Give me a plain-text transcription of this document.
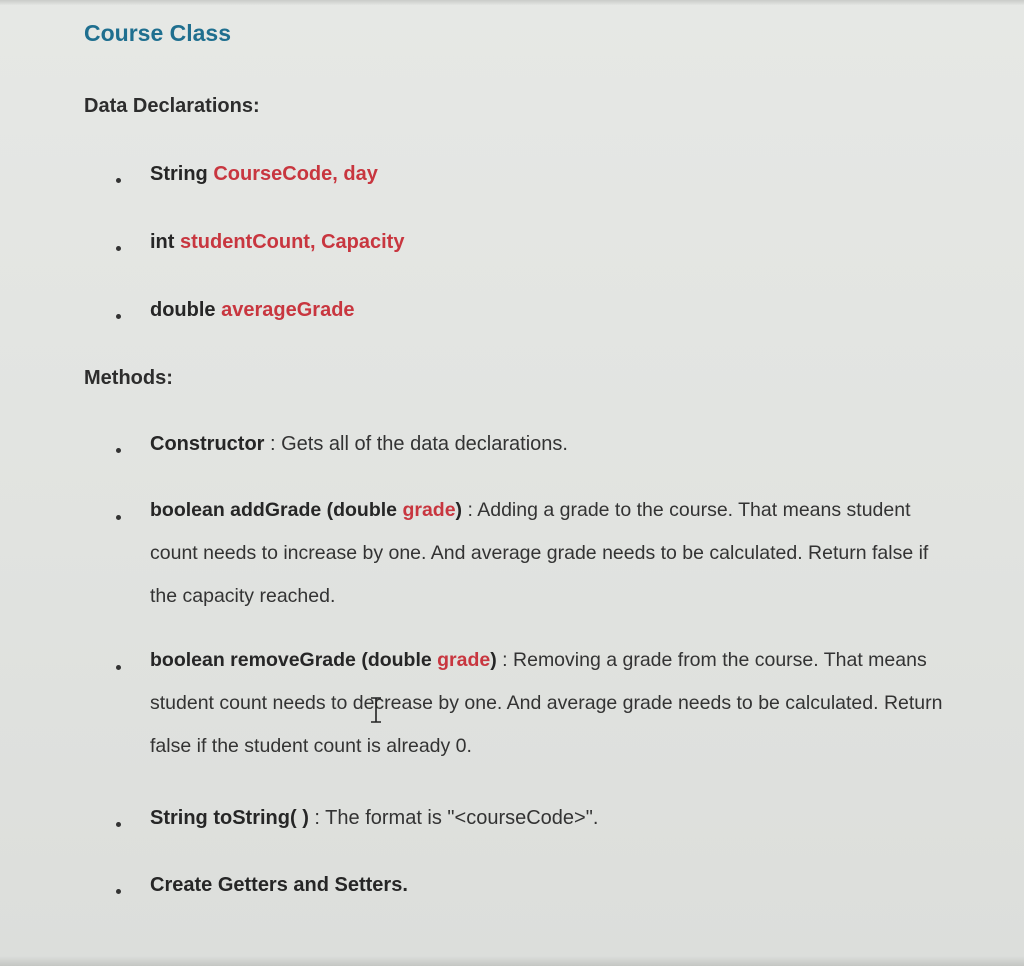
Course Class
Data Declarations:
String CourseCode, day
int studentCount, Capacity
double averageGrade
Methods:
Constructor : Gets all of the data declarations.
boolean addGrade (double grade) : Adding a grade to the course. That means student count needs to increase by one. And average grade needs to be calculated. Return false if the capacity reached.
boolean removeGrade (double grade) : Removing a grade from the course. That means student count needs to decrease by one. And average grade needs to be calculated. Return false if the student count is already 0.
String toString( ) : The format is "<courseCode>".
Create Getters and Setters.
